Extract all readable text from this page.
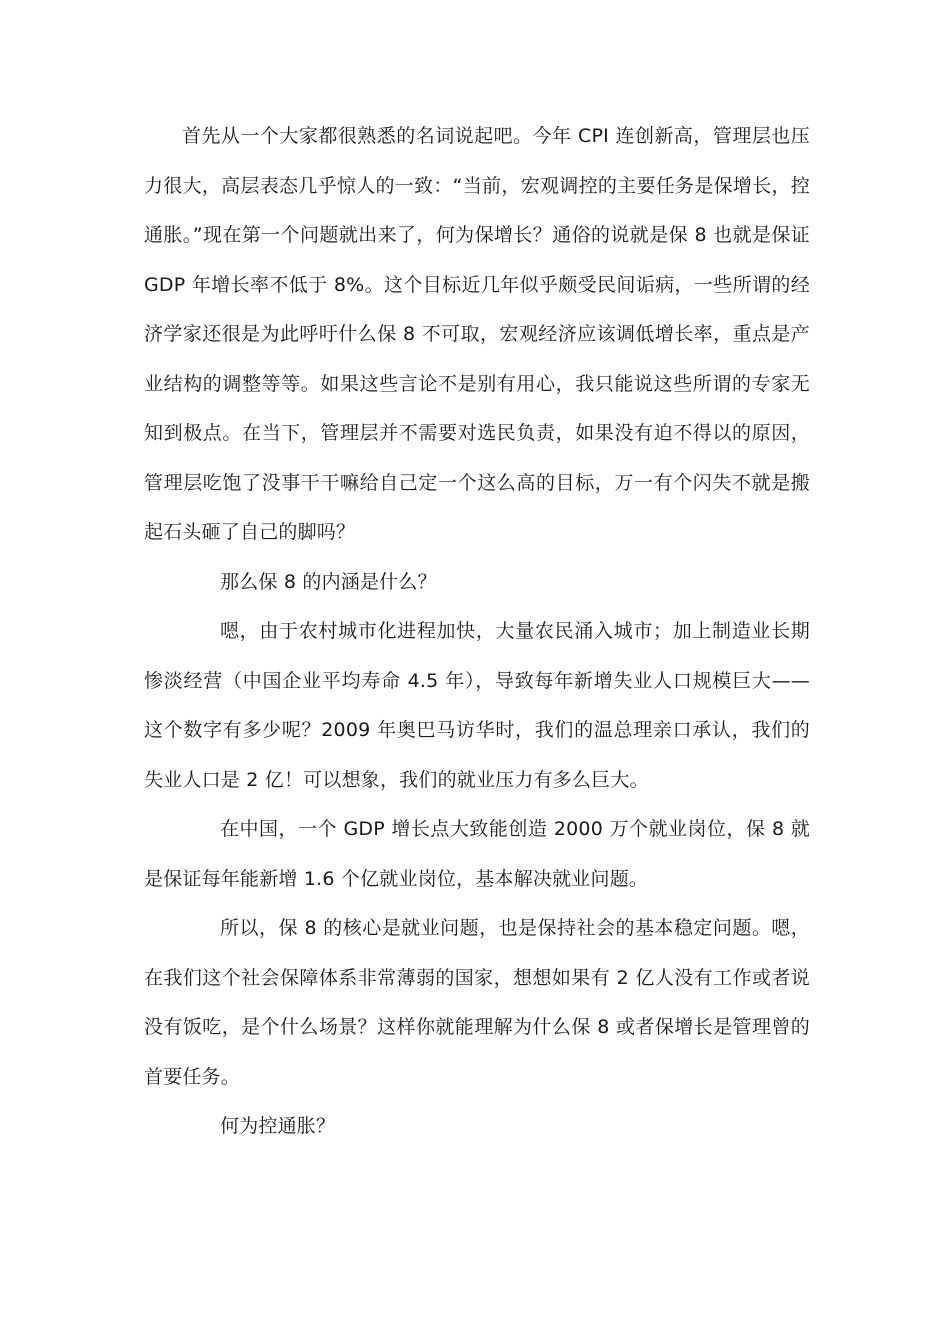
首先从一个大家都很熟悉的名词说起吧。今年 CPI 连创新高，管理层也压力很大，高层表态几乎惊人的一致：“当前，宏观调控的主要任务是保增长，控通胀。”现在第一个问题就出来了，何为保增长？通俗的说就是保 8 也就是保证 GDP 年增长率不低于 8%。这个目标近几年似乎颇受民间诟病，一些所谓的经济学家还很是为此呼吁什么保 8 不可取，宏观经济应该调低增长率，重点是产业结构的调整等等。如果这些言论不是别有用心，我只能说这些所谓的专家无知到极点。在当下，管理层并不需要对选民负责，如果没有迫不得以的原因，管理层吃饱了没事干干嘛给自己定一个这么高的目标，万一有个闪失不就是搬起石头砸了自己的脚吗？

那么保 8 的内涵是什么？

嗯，由于农村城市化进程加快，大量农民涌入城市；加上制造业长期惨淡经营（中国企业平均寿命 4.5 年），导致每年新增失业人口规模巨大——这个数字有多少呢？2009 年奥巴马访华时，我们的温总理亲口承认，我们的失业人口是 2 亿！可以想象，我们的就业压力有多么巨大。

在中国，一个 GDP 增长点大致能创造 2000 万个就业岗位，保 8 就是保证每年能新增 1.6 个亿就业岗位，基本解决就业问题。

所以，保 8 的核心是就业问题，也是保持社会的基本稳定问题。嗯，在我们这个社会保障体系非常薄弱的国家，想想如果有 2 亿人没有工作或者说没有饭吃，是个什么场景？这样你就能理解为什么保 8 或者保增长是管理曾的首要任务。

何为控通胀？
